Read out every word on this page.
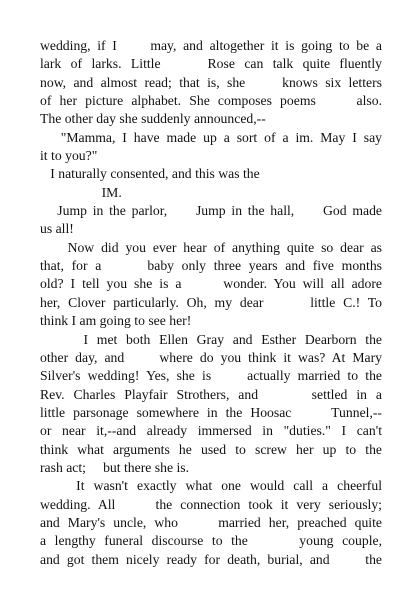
wedding, if I     may, and altogether it is going to be a
lark of larks. Little     Rose can talk quite fluently
now, and almost read; that is, she     knows six letters
of her picture alphabet. She composes poems     also.
The other day she suddenly announced,--
"Mamma, I have made up a sort of a im. May I say
it to you?"
I naturally consented, and this was the
IM.
Jump in the parlor,     Jump in the hall,     God made
us all!
Now did you ever hear of anything quite so dear as
that, for a      baby only three years and five months
old? I tell you she is a      wonder. You will all adore
her, Clover particularly. Oh, my dear      little C.! To
think I am going to see her!
I met both Ellen Gray and Esther Dearborn the
other day, and     where do you think it was? At Mary
Silver's wedding! Yes, she is     actually married to the
Rev. Charles Playfair Strothers, and      settled in a
little parsonage somewhere in the Hoosac     Tunnel,--
or near it,--and already immersed in "duties." I can't
think what arguments he used to screw her up to the
rash act;     but there she is.
It wasn't exactly what one would call a cheerful
wedding. All     the connection took it very seriously;
and Mary's uncle, who     married her, preached quite
a lengthy funeral discourse to the      young couple,
and got them nicely ready for death, burial, and     the
